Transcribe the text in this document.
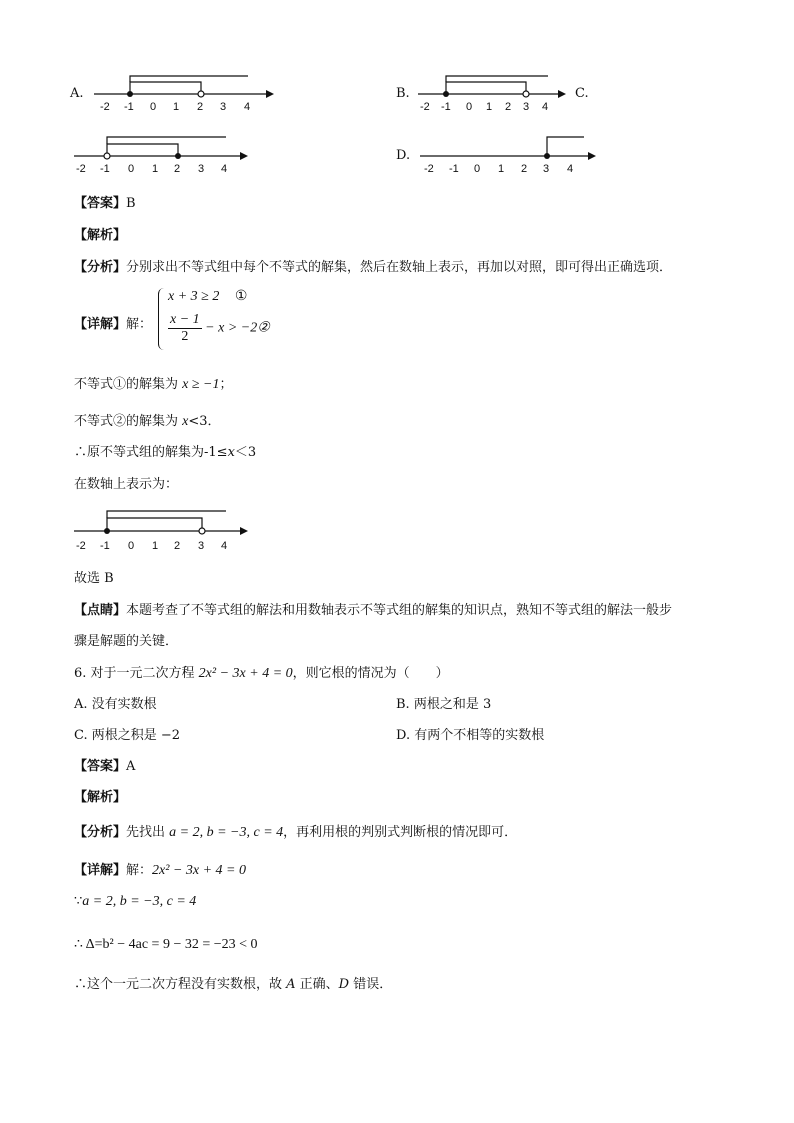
A.
-2 -1 0 1 2 3 4
B.
-2 -1 0 1 2 3 4
C.
-2 -1 0 1 2 3 4
D.
-2 -1 0 1 2 3 4
【答案】B
【解析】
【分析】分别求出不等式组中每个不等式的解集，然后在数轴上表示，再加以对照，即可得出正确选项．
【详解】解：
x + 3 ≥ 2 ①
$\frac{x - 1}{2} - x$ > −2②
不等式①的解集为 x ≥ −1；
不等式②的解集为 x<3．
∴原不等式组的解集为-1≤x＜3
在数轴上表示为：
-2 -1 0 1 2 3 4
故选 B
【点睛】本题考查了不等式组的解法和用数轴表示不等式组的解集的知识点，熟知不等式组的解法一般步
骤是解题的关键．
6. 对于一元二次方程 2x² − 3x + 4 = 0，则它根的情况为（　　）
A. 没有实数根	B. 两根之和是 3
C. 两根之积是 −2	D. 有两个不相等的实数根
【答案】A
【解析】
【分析】先找出 a = 2, b = −3, c = 4，再利用根的判别式判断根的情况即可．
【详解】解：2x² − 3x + 4 = 0
∵a = 2, b = −3, c = 4
∴ Δ=b² − 4ac = 9 − 32 = −23 < 0
∴这个一元二次方程没有实数根，故 A 正确、D 错误．
